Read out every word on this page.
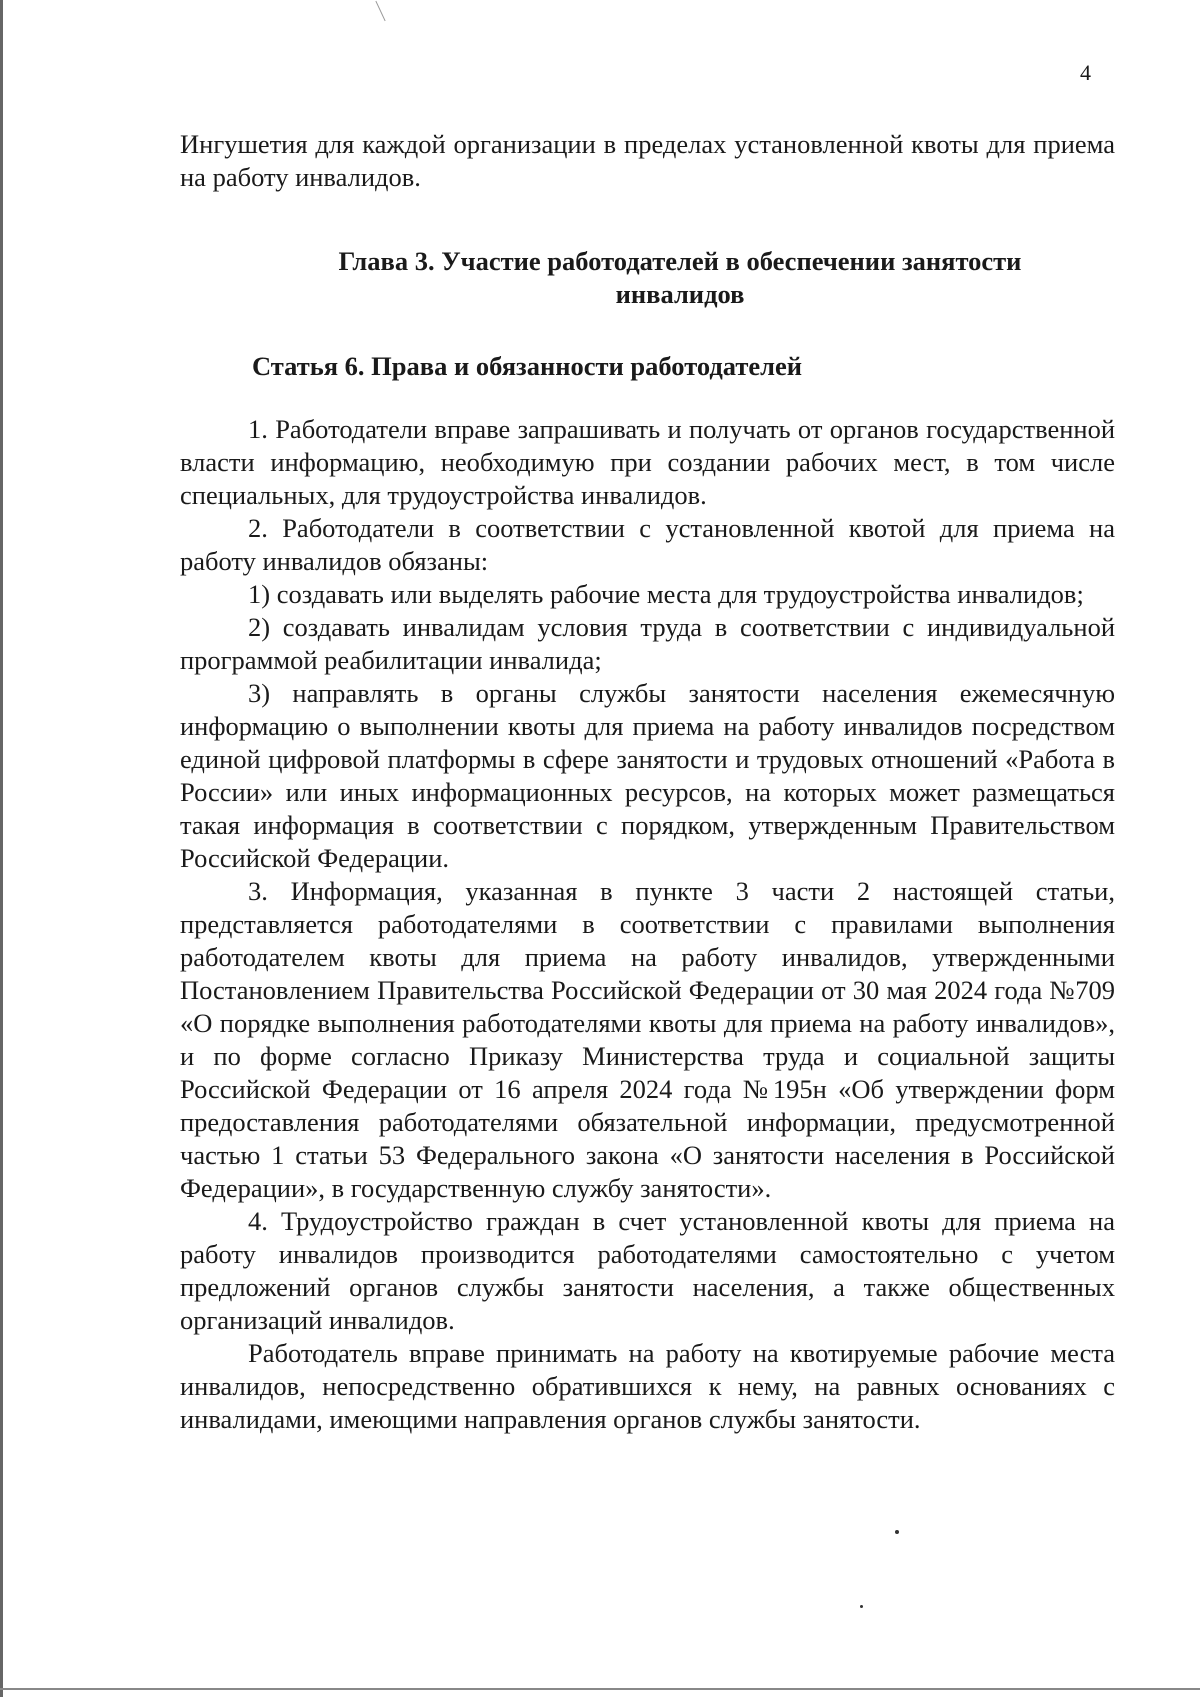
4

Ингушетия для каждой организации в пределах установленной квоты для приема на работу инвалидов.

Глава 3. Участие работодателей в обеспечении занятости
инвалидов
Статья 6. Права и обязанности работодателей

1. Работодатели вправе запрашивать и получать от органов государственной власти информацию, необходимую при создании рабочих мест, в том числе специальных, для трудоустройства инвалидов.

2. Работодатели в соответствии с установленной квотой для приема на работу инвалидов обязаны:

1) создавать или выделять рабочие места для трудоустройства инвалидов;

2) создавать инвалидам условия труда в соответствии с индивидуальной программой реабилитации инвалида;

3) направлять в органы службы занятости населения ежемесячную информацию о выполнении квоты для приема на работу инвалидов посредством единой цифровой платформы в сфере занятости и трудовых отношений «Работа в России» или иных информационных ресурсов, на которых может размещаться такая информация в соответствии с порядком, утвержденным Правительством Российской Федерации.

3. Информация, указанная в пункте 3 части 2 настоящей статьи, представляется работодателями в соответствии с правилами выполнения работодателем квоты для приема на работу инвалидов, утвержденными Постановлением Правительства Российской Федерации от 30 мая 2024 года №709 «О порядке выполнения работодателями квоты для приема на работу инвалидов», и по форме согласно Приказу Министерства труда и социальной защиты Российской Федерации от 16 апреля 2024 года №195н «Об утверждении форм предоставления работодателями обязательной информации, предусмотренной частью 1 статьи 53 Федерального закона «О занятости населения в Российской Федерации», в государственную службу занятости».

4. Трудоустройство граждан в счет установленной квоты для приема на работу инвалидов производится работодателями самостоятельно с учетом предложений органов службы занятости населения, а также общественных организаций инвалидов.

Работодатель вправе принимать на работу на квотируемые рабочие места инвалидов, непосредственно обратившихся к нему, на равных основаниях с инвалидами, имеющими направления органов службы занятости.
